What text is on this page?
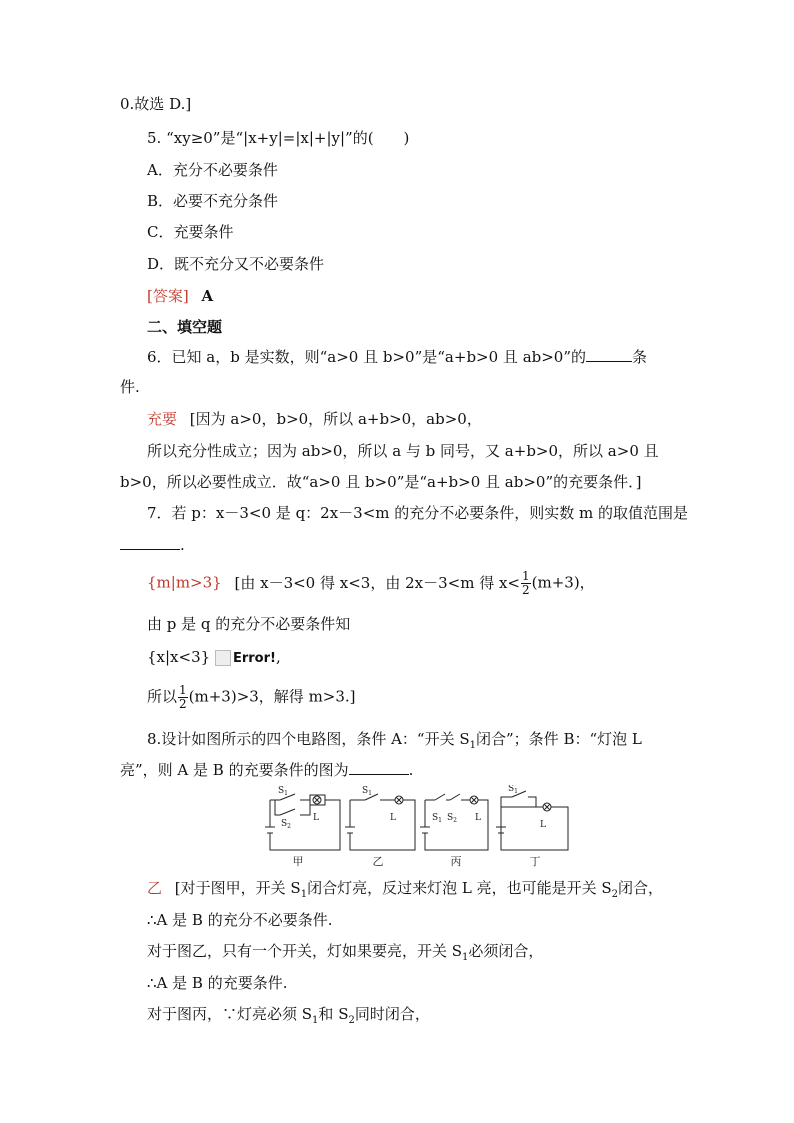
0.故选 D.]
5. “xy≥0”是“|x+y|=|x|+|y|”的(　　)
A．充分不必要条件
B．必要不充分条件
C．充要条件
D．既不充分又不必要条件
[答案] A
二、填空题
6．已知 a，b 是实数，则“a>0 且 b>0”是“a+b>0 且 ab>0”的	条
件.
充要 [因为 a>0，b>0，所以 a+b>0，ab>0，
所以充分性成立；因为 ab>0，所以 a 与 b 同号，又 a+b>0，所以 a>0 且
b>0，所以必要性成立．故“a>0 且 b>0”是“a+b>0 且 ab>0”的充要条件．]
7．若 p：x－3<0 是 q：2x－3<m 的充分不必要条件，则实数 m 的取值范围是
.
{m|m>3} [由 x－3<0 得 x<3，由 2x－3<m 得 $x< \frac{1}{2} (m+3)$，
由 p 是 q 的充分不必要条件知
{x|x<3} Error!,
所以 $\frac{1}{2} (m+3)>3$，解得 m>3.]
8.设计如图所示的四个电路图，条件 A：“开关 $S_1$闭合”；条件 B：“灯泡 L
亮”，则 A 是 B 的充要条件的图为	.
$S_1$
$S_2$
L
$S_1$
L	$S_1$ $S_2$ L
$S_1$
L
甲	乙	丙	丁
乙 [对于图甲，开关 $S_1$闭合灯亮，反过来灯泡 L 亮，也可能是开关 $S_2$闭合，
∴A 是 B 的充分不必要条件.
对于图乙，只有一个开关，灯如果要亮，开关 $S_1$必须闭合，
∴A 是 B 的充要条件.
对于图丙，∵灯亮必须 $S_1$和 $S_2$同时闭合，
